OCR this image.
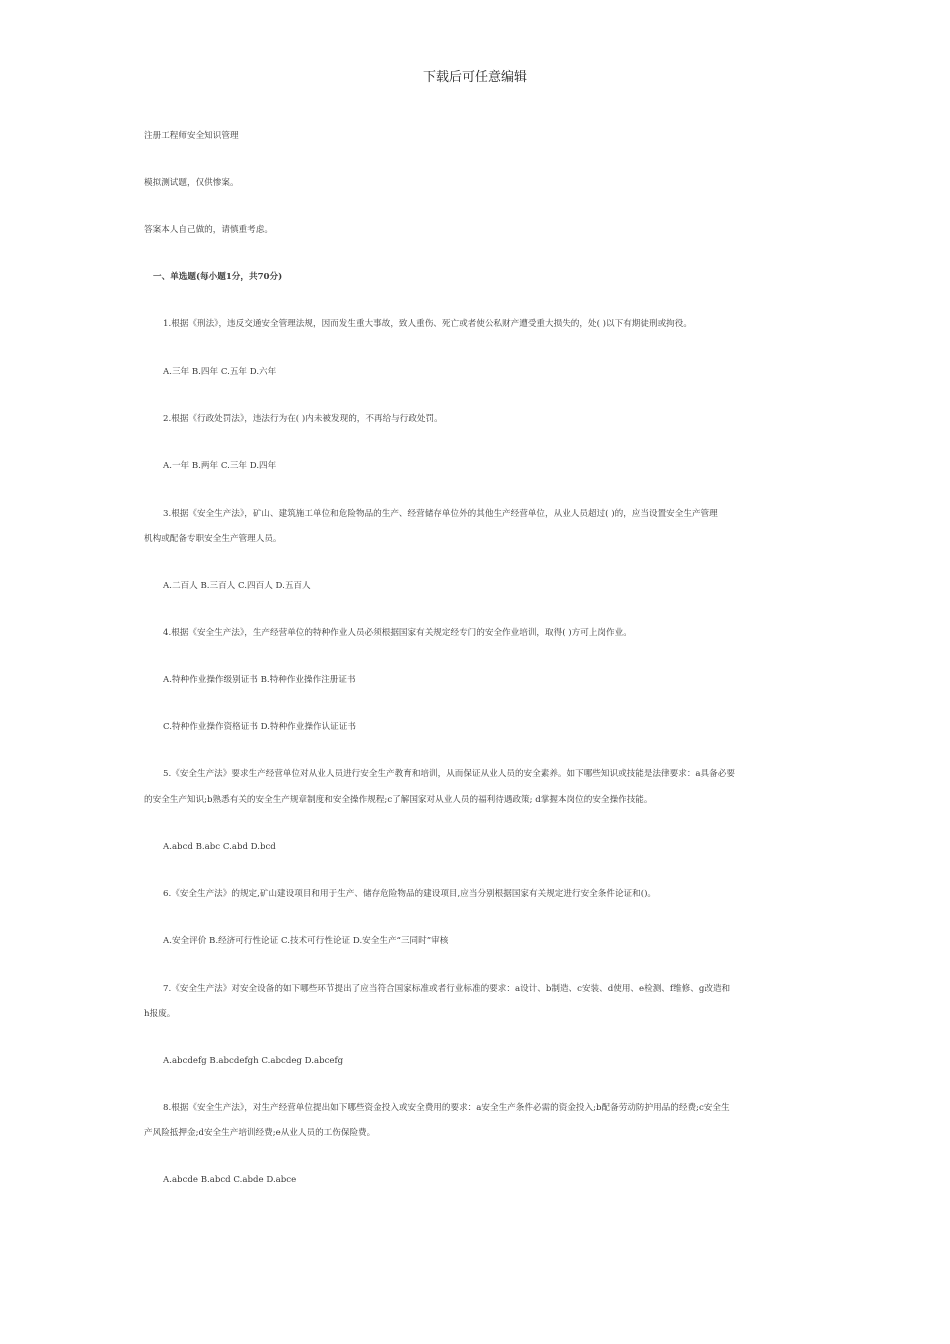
下载后可任意编辑
注册工程师安全知识管理
模拟测试题，仅供惨案。
答案本人自己做的，请慎重考虑。
一、单选题(每小题1分，共70分)
1.根据《刑法》，违反交通安全管理法规，因而发生重大事故，致人重伤、死亡或者使公私财产遭受重大损失的，处( )以下有期徒刑或拘役。
A.三年 B.四年 C.五年 D.六年
2.根据《行政处罚法》，违法行为在( )内未被发现的，不再给与行政处罚。
A.一年 B.两年 C.三年 D.四年
3.根据《安全生产法》，矿山、建筑施工单位和危险物品的生产、经营储存单位外的其他生产经营单位，从业人员超过( )的，应当设置安全生产管理
机构或配备专职安全生产管理人员。
A.二百人 B.三百人 C.四百人 D.五百人
4.根据《安全生产法》，生产经营单位的特种作业人员必须根据国家有关规定经专门的安全作业培训，取得( )方可上岗作业。
A.特种作业操作级别证书 B.特种作业操作注册证书
C.特种作业操作资格证书 D.特种作业操作认证证书
5.《安全生产法》要求生产经营单位对从业人员进行安全生产教育和培训，从而保证从业人员的安全素养。如下哪些知识或技能是法律要求：a具备必要
的安全生产知识;b熟悉有关的安全生产规章制度和安全操作规程;c了解国家对从业人员的福利待遇政策; d掌握本岗位的安全操作技能。
A.abcd B.abc C.abd D.bcd
6.《安全生产法》的规定,矿山建设项目和用于生产、储存危险物品的建设项目,应当分别根据国家有关规定进行安全条件论证和()。
A.安全评价 B.经济可行性论证 C.技术可行性论证 D.安全生产“三同时”审核
7.《安全生产法》对安全设备的如下哪些环节提出了应当符合国家标准或者行业标准的要求：a设计、b制造、c安装、d使用、e检测、f维修、g改造和
h报废。
A.abcdefg B.abcdefgh C.abcdeg D.abcefg
8.根据《安全生产法》，对生产经营单位提出如下哪些资金投入或安全费用的要求：a安全生产条件必需的资金投入;b配备劳动防护用品的经费;c安全生
产风险抵押金;d安全生产培训经费;e从业人员的工伤保险费。
A.abcde B.abcd C.abde D.abce
